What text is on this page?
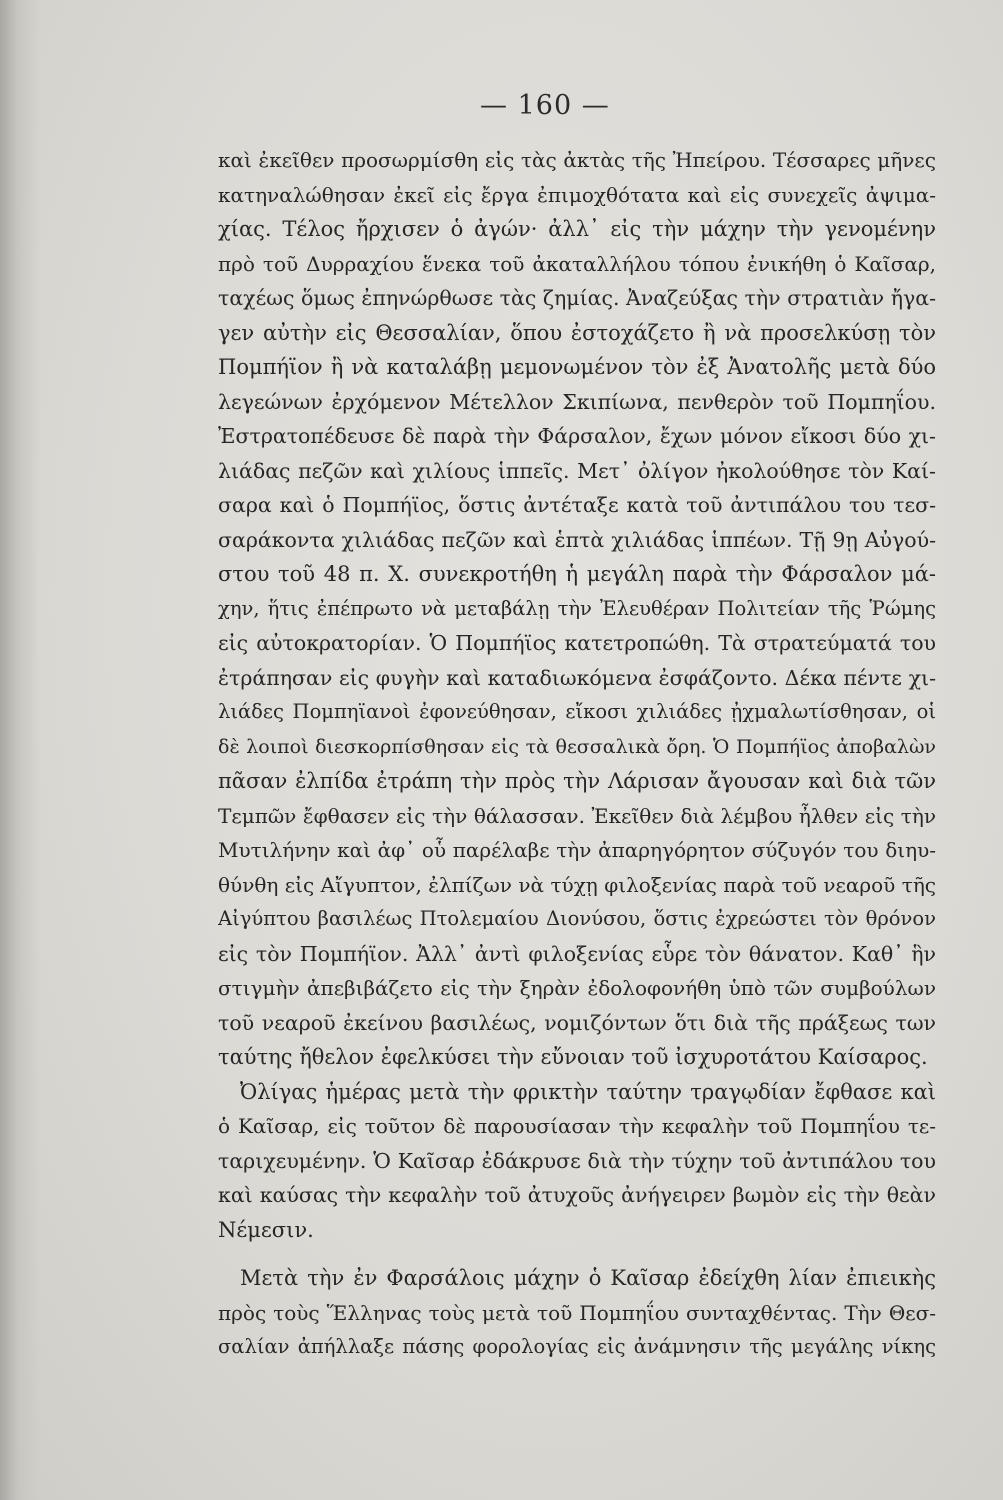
— 160 —
καὶ ἐκεῖθεν προσωρμίσθη εἰς τὰς ἀκτὰς τῆς Ἠπείρου. Τέσσαρες μῆνες
κατηναλώθησαν ἐκεῖ εἰς ἔργα ἐπιμοχθότατα καὶ εἰς συνεχεῖς ἀψιμα-
χίας. Τέλος ἤρχισεν ὁ ἀγών· ἀλλ᾽ εἰς τὴν μάχην τὴν γενομένην
πρὸ τοῦ Δυρραχίου ἕνεκα τοῦ ἀκαταλλήλου τόπου ἐνικήθη ὁ Καῖσαρ,
ταχέως ὅμως ἐπηνώρθωσε τὰς ζημίας. Ἀναζεύξας τὴν στρατιὰν ἤγα-
γεν αὐτὴν εἰς Θεσσαλίαν, ὅπου ἐστοχάζετο ἢ νὰ προσελκύσῃ τὸν
Πομπήϊον ἢ νὰ καταλάβῃ μεμονωμένον τὸν ἐξ Ἀνατολῆς μετὰ δύο
λεγεώνων ἐρχόμενον Μέτελλον Σκιπίωνα, πενθερὸν τοῦ Πομπηΐου.
Ἐστρατοπέδευσε δὲ παρὰ τὴν Φάρσαλον, ἔχων μόνον εἴκοσι δύο χι-
λιάδας πεζῶν καὶ χιλίους ἱππεῖς. Μετ᾽ ὀλίγον ἠκολούθησε τὸν Καί-
σαρα καὶ ὁ Πομπήϊος, ὅστις ἀντέταξε κατὰ τοῦ ἀντιπάλου του τεσ-
σαράκοντα χιλιάδας πεζῶν καὶ ἑπτὰ χιλιάδας ἱππέων. Τῇ 9ῃ Αὐγού-
στου τοῦ 48 π. Χ. συνεκροτήθη ἡ μεγάλη παρὰ τὴν Φάρσαλον μά-
χην, ἥτις ἐπέπρωτο νὰ μεταβάλῃ τὴν Ἐλευθέραν Πολιτείαν τῆς Ῥώμης
εἰς αὐτοκρατορίαν. Ὁ Πομπήϊος κατετροπώθη. Τὰ στρατεύματά του
ἐτράπησαν εἰς φυγὴν καὶ καταδιωκόμενα ἐσφάζοντο. Δέκα πέντε χι-
λιάδες Πομπηϊανοὶ ἐφονεύθησαν, εἴκοσι χιλιάδες ᾐχμαλωτίσθησαν, οἱ
δὲ λοιποὶ διεσκορπίσθησαν εἰς τὰ θεσσαλικὰ ὄρη. Ὁ Πομπήϊος ἀποβαλὼν
πᾶσαν ἐλπίδα ἐτράπη τὴν πρὸς τὴν Λάρισαν ἄγουσαν καὶ διὰ τῶν
Τεμπῶν ἔφθασεν εἰς τὴν θάλασσαν. Ἐκεῖθεν διὰ λέμβου ἦλθεν εἰς τὴν
Μυτιλήνην καὶ ἀφ᾽ οὗ παρέλαβε τὴν ἀπαρηγόρητον σύζυγόν του διηυ-
θύνθη εἰς Αἴγυπτον, ἐλπίζων νὰ τύχῃ φιλοξενίας παρὰ τοῦ νεαροῦ τῆς
Αἰγύπτου βασιλέως Πτολεμαίου Διονύσου, ὅστις ἐχρεώστει τὸν θρόνον
εἰς τὸν Πομπήϊον. Ἀλλ᾽ ἀντὶ φιλοξενίας εὗρε τὸν θάνατον. Καθ᾽ ἣν
στιγμὴν ἀπεβιβάζετο εἰς τὴν ξηρὰν ἐδολοφονήθη ὑπὸ τῶν συμβούλων
τοῦ νεαροῦ ἐκείνου βασιλέως, νομιζόντων ὅτι διὰ τῆς πράξεως των
ταύτης ἤθελον ἐφελκύσει τὴν εὔνοιαν τοῦ ἰσχυροτάτου Καίσαρος.
Ὀλίγας ἡμέρας μετὰ τὴν φρικτὴν ταύτην τραγῳδίαν ἔφθασε καὶ
ὁ Καῖσαρ, εἰς τοῦτον δὲ παρουσίασαν τὴν κεφαλὴν τοῦ Πομπηΐου τε-
ταριχευμένην. Ὁ Καῖσαρ ἐδάκρυσε διὰ τὴν τύχην τοῦ ἀντιπάλου του
καὶ καύσας τὴν κεφαλὴν τοῦ ἀτυχοῦς ἀνήγειρεν βωμὸν εἰς τὴν θεὰν
Νέμεσιν.
Μετὰ τὴν ἐν Φαρσάλοις μάχην ὁ Καῖσαρ ἐδείχθη λίαν ἐπιεικὴς
πρὸς τοὺς Ἕλληνας τοὺς μετὰ τοῦ Πομπηΐου συνταχθέντας. Τὴν Θεσ-
σαλίαν ἀπήλλαξε πάσης φορολογίας εἰς ἀνάμνησιν τῆς μεγάλης νίκης
